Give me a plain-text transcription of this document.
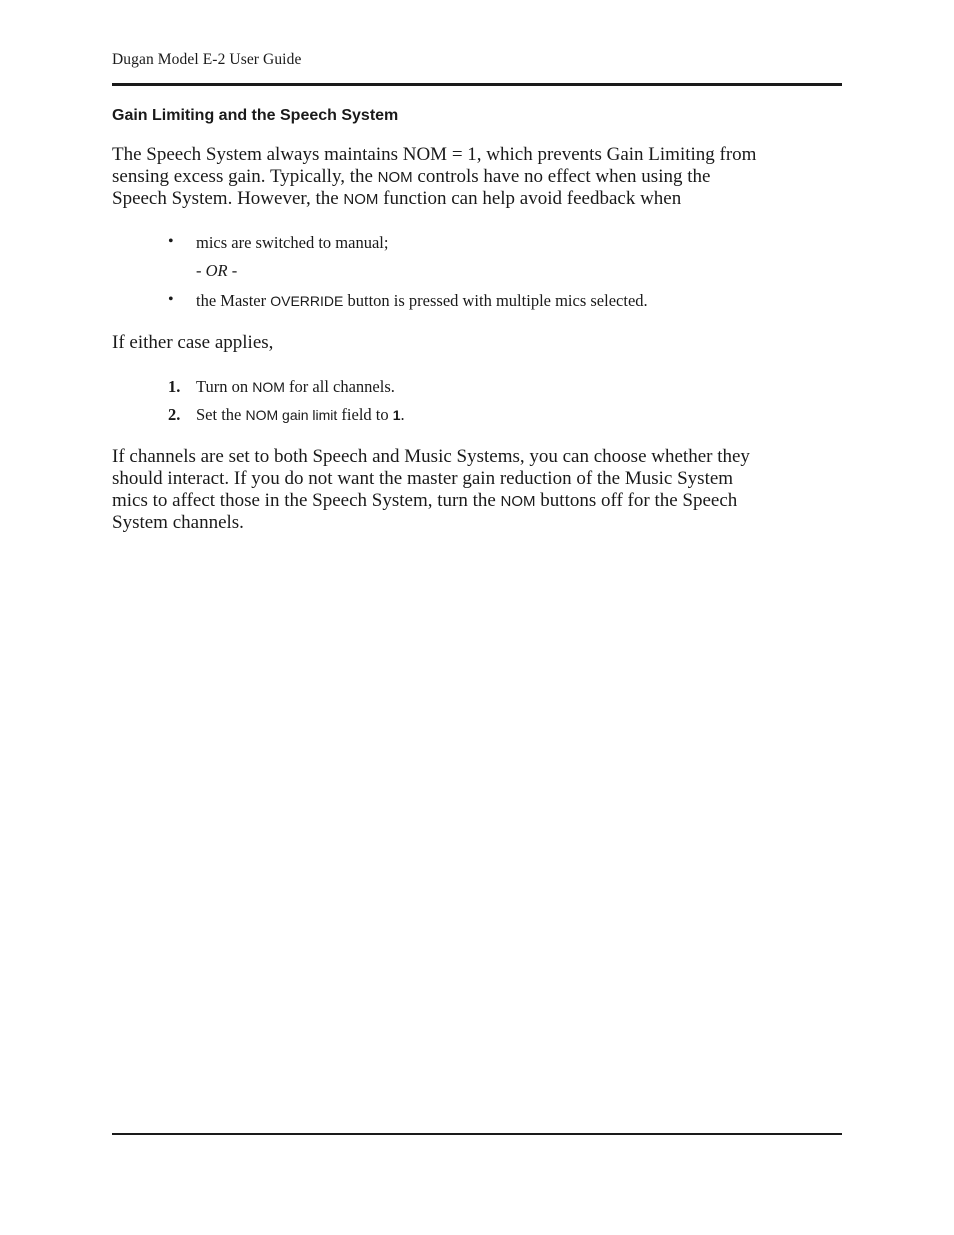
Dugan Model E-2 User Guide
Gain Limiting and the Speech System
The Speech System always maintains NOM = 1, which prevents Gain Limiting from
sensing excess gain. Typically, the NOM controls have no effect when using the
Speech System. However, the NOM function can help avoid feedback when
• mics are switched to manual;
- OR -
• the Master OVERRIDE button is pressed with multiple mics selected.
If either case applies,
1. Turn on NOM for all channels.
2. Set the NOM gain limit field to 1.
If channels are set to both Speech and Music Systems, you can choose whether they
should interact. If you do not want the master gain reduction of the Music System
mics to affect those in the Speech System, turn the NOM buttons off for the Speech
System channels.
